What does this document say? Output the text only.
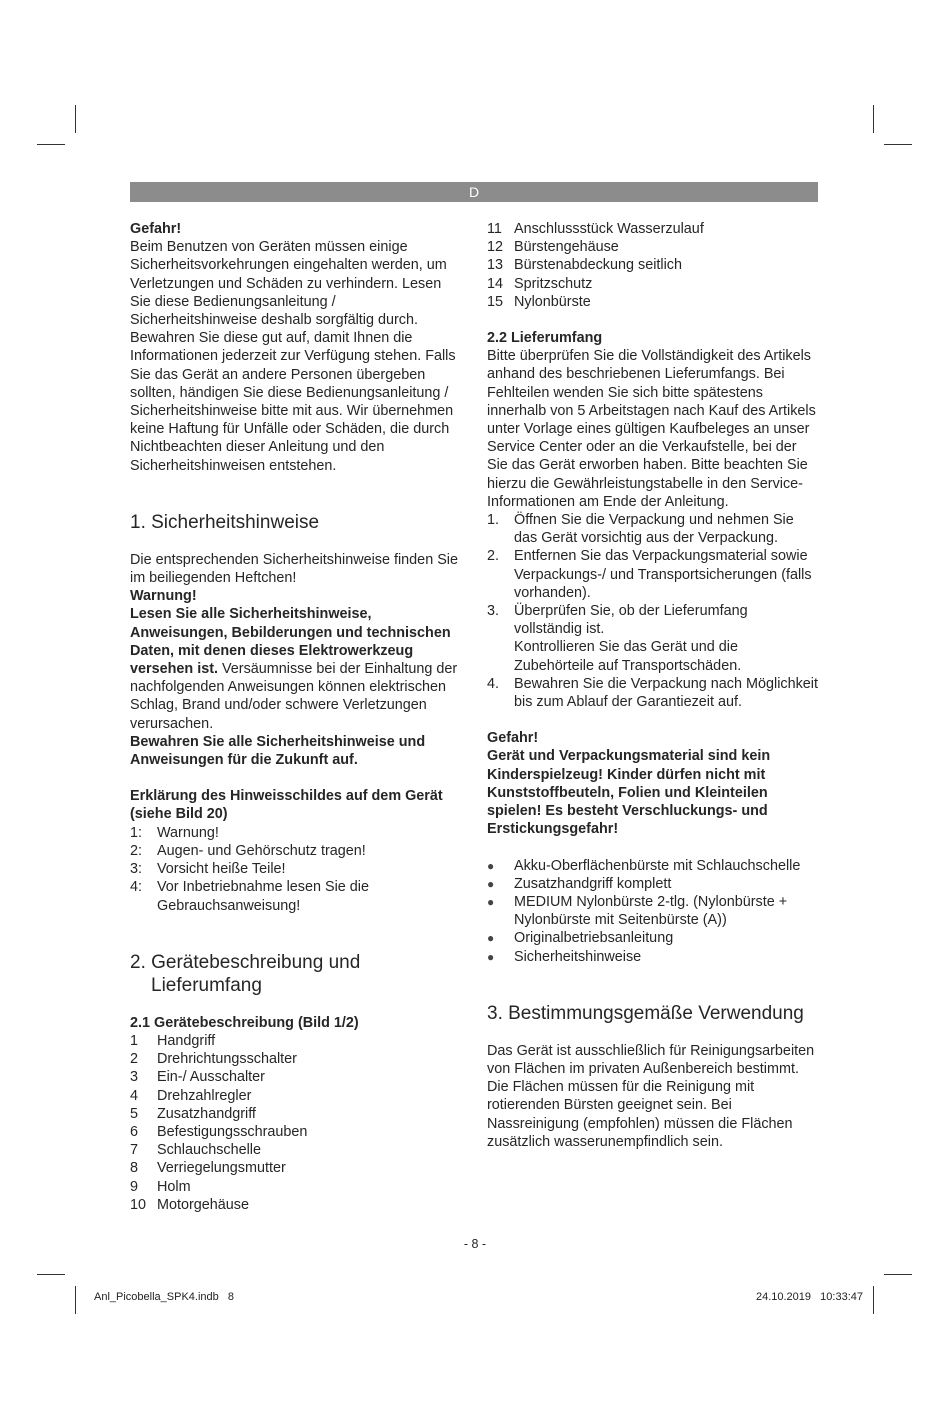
D

Gefahr!

Beim Benutzen von Geräten müssen einige Sicherheitsvorkehrungen eingehalten werden, um Verletzungen und Schäden zu verhindern. Lesen Sie diese Bedienungsanleitung / Sicherheitshinweise deshalb sorgfältig durch. Bewahren Sie diese gut auf, damit Ihnen die Informationen jederzeit zur Verfügung stehen. Falls Sie das Gerät an andere Personen übergeben sollten, händigen Sie diese Bedienungsanleitung / Sicherheitshinweise bitte mit aus. Wir übernehmen keine Haftung für Unfälle oder Schäden, die durch Nichtbeachten dieser Anleitung und den Sicherheitshinweisen entstehen.

1. Sicherheitshinweise

Die entsprechenden Sicherheitshinweise finden Sie im beiliegenden Heftchen!

Warnung!

Lesen Sie alle Sicherheitshinweise, Anweisungen, Bebilderungen und technischen Daten, mit denen dieses Elektrowerkzeug versehen ist. Versäumnisse bei der Einhaltung der nachfolgenden Anweisungen können elektrischen Schlag, Brand und/oder schwere Verletzungen verursachen.

Bewahren Sie alle Sicherheitshinweise und Anweisungen für die Zukunft auf.

Erklärung des Hinweisschildes auf dem Gerät (siehe Bild 20)

1:	Warnung!
2:	Augen- und Gehörschutz tragen!
3:	Vorsicht heiße Teile!
4:	Vor Inbetriebnahme lesen Sie die Gebrauchsanweisung!
2. Gerätebeschreibung und Lieferumfang

2.1 Gerätebeschreibung (Bild 1/2)

1	Handgriff
2	Drehrichtungsschalter
3	Ein-/ Ausschalter
4	Drehzahlregler
5	Zusatzhandgriff
6	Befestigungsschrauben
7	Schlauchschelle
8	Verriegelungsmutter
9	Holm
10 Motorgehäuse
11 Anschlussstück Wasserzulauf
12 Bürstengehäuse
13 Bürstenabdeckung seitlich
14 Spritzschutz
15 Nylonbürste

2.2 Lieferumfang

Bitte überprüfen Sie die Vollständigkeit des Artikels anhand des beschriebenen Lieferumfangs. Bei Fehlteilen wenden Sie sich bitte spätestens innerhalb von 5 Arbeitstagen nach Kauf des Artikels unter Vorlage eines gültigen Kaufbeleges an unser Service Center oder an die Verkaufstelle, bei der Sie das Gerät erworben haben. Bitte beachten Sie hierzu die Gewährleistungstabelle in den Service-Informationen am Ende der Anleitung.

1.	Öffnen Sie die Verpackung und nehmen Sie das Gerät vorsichtig aus der Verpackung.
2.	Entfernen Sie das Verpackungsmaterial sowie Verpackungs-/ und Transportsicherungen (falls vorhanden).
3.	Überprüfen Sie, ob der Lieferumfang vollständig ist.
Kontrollieren Sie das Gerät und die Zubehörteile auf Transportschäden.
4.	Bewahren Sie die Verpackung nach Möglichkeit bis zum Ablauf der Garantiezeit auf.

Gefahr!

Gerät und Verpackungsmaterial sind kein Kinderspielzeug! Kinder dürfen nicht mit Kunststoffbeuteln, Folien und Kleinteilen spielen! Es besteht Verschluckungs- und Erstickungsgefahr!

●	Akku-Oberflächenbürste mit Schlauchschelle
●	Zusatzhandgriff komplett
●	MEDIUM Nylonbürste 2-tlg. (Nylonbürste + Nylonbürste mit Seitenbürste (A))
●	Originalbetriebsanleitung
●	Sicherheitshinweise
3. Bestimmungsgemäße Verwendung

Das Gerät ist ausschließlich für Reinigungsarbeiten von Flächen im privaten Außenbereich bestimmt. Die Flächen müssen für die Reinigung mit rotierenden Bürsten geeignet sein. Bei Nassreinigung (empfohlen) müssen die Flächen zusätzlich wasserunempfindlich sein.

- 8 -
Anl_Picobella_SPK4.indb   8	24.10.2019   10:33:47
